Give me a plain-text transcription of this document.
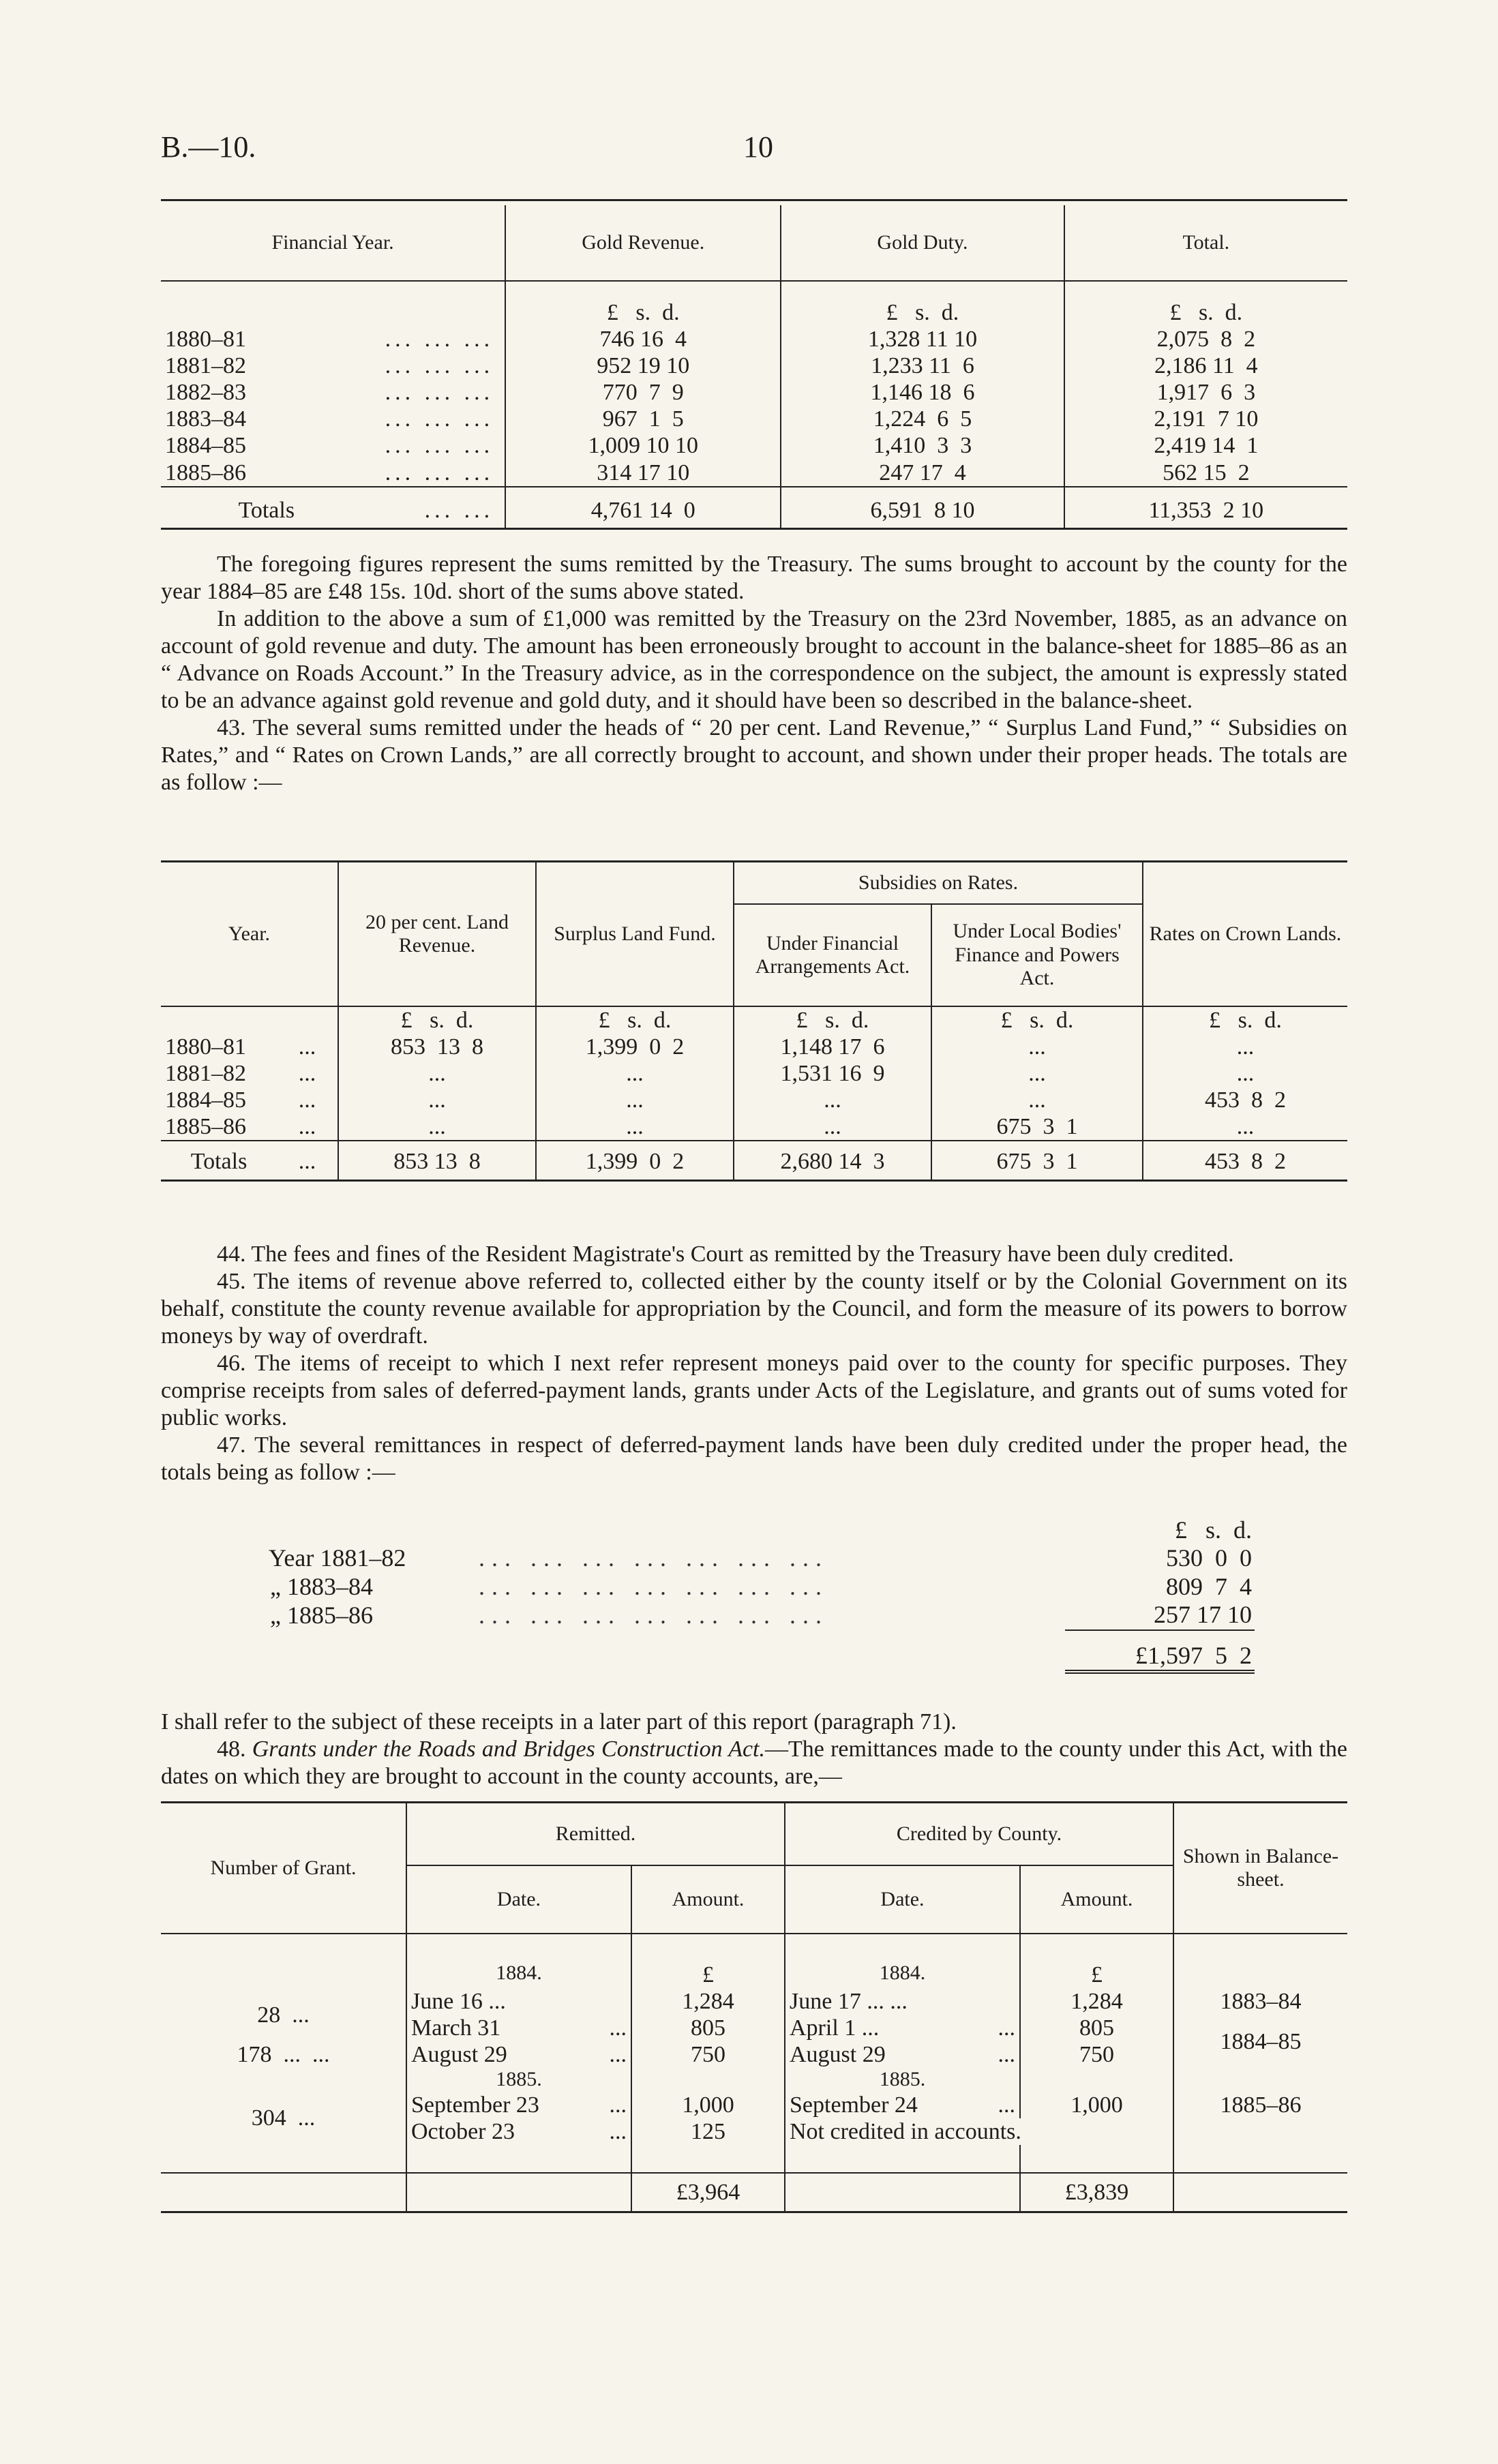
B.—10.	10

Financial Year.		Gold Revenue.	Gold Duty.	Total.
		£   s.  d.	£   s.  d.	£   s.  d.
1880–81	... ... ...	746 16  4	1,328 11 10	2,075  8  2
1881–82	... ... ...	952 19 10	1,233 11  6	2,186 11  4
1882–83	... ... ...	770  7  9	1,146 18  6	1,917  6  3
1883–84	... ... ...	967  1  5	1,224  6  5	2,191  7 10
1884–85	... ... ...	1,009 10 10	1,410  3  3	2,419 14  1
1885–86	... ... ...	314 17 10	247 17  4	562 15  2
Totals	... ...	4,761 14  0	6,591  8 10	11,353  2 10

The foregoing figures represent the sums remitted by the Treasury. The sums brought to account by the county for the year 1884–85 are £48 15s. 10d. short of the sums above stated.

In addition to the above a sum of £1,000 was remitted by the Treasury on the 23rd November, 1885, as an advance on account of gold revenue and duty. The amount has been erroneously brought to account in the balance-sheet for 1885–86 as an “ Advance on Roads Account.” In the Treasury advice, as in the correspondence on the subject, the amount is expressly stated to be an advance against gold revenue and gold duty, and it should have been so described in the balance-sheet.

43. The several sums remitted under the heads of “ 20 per cent. Land Revenue,” “ Surplus Land Fund,” “ Subsidies on Rates,” and “ Rates on Crown Lands,” are all correctly brought to account, and shown under their proper heads. The totals are as follow :—

Year.		20 per cent. Land Revenue.	Surplus Land Fund.	Subsidies on Rates.		Rates on Crown Lands.
				Under Financial Arrangements Act.	Under Local Bodies' Finance and Powers Act.	
		£   s.  d.	£   s.  d.	£   s.  d.	£   s.  d.	£   s.  d.
1880–81	...	853  13  8	1,399  0  2	1,148 17  6	...	...
1881–82	...	...	...	1,531 16  9	...	...
1884–85	...	...	...	...	...	453  8  2
1885–86	...	...	...	...	675  3  1	...
Totals	...	853 13  8	1,399  0  2	2,680 14  3	675  3  1	453  8  2

44. The fees and fines of the Resident Magistrate's Court as remitted by the Treasury have been duly credited.

45. The items of revenue above referred to, collected either by the county itself or by the Colonial Government on its behalf, constitute the county revenue available for appropriation by the Council, and form the measure of its powers to borrow moneys by way of overdraft.

46. The items of receipt to which I next refer represent moneys paid over to the county for specific purposes. They comprise receipts from sales of deferred-payment lands, grants under Acts of the Legislature, and grants out of sums voted for public works.

47. The several remittances in respect of deferred-payment lands have been duly credited under the proper head, the totals being as follow :—

		£   s.  d.
Year 1881–82	... ... ... ... ... ... ...	530  0  0
„ 1883–84	... ... ... ... ... ... ...	809  7  4
„ 1885–86	... ... ... ... ... ... ...	257 17 10
		£1,597  5  2

I shall refer to the subject of these receipts in a later part of this report (paragraph 71).

48. Grants under the Roads and Bridges Construction Act.—The remittances made to the county under this Act, with the dates on which they are brought to account in the county accounts, are,—

Number of Grant.	Remitted.		Credited by County.		Shown in Balance-sheet.
	Date.	Amount.	Date.	Amount.	
	1884.	£	1884.	£	
28  ...	June 16 ...	1,284	June 17 ... ...	1,284	1883–84
	March 31 ...	805	April 1 ... ...	805	1884–85
178  ...  ...	August 29 ...	750	August 29 ...	750	
	1885.		1885.		
304  ...	September 23 ...	1,000	September 24 ...	1,000	1885–86
	October 23 ...	125	Not credited in accounts.		

		£3,964		£3,839	
